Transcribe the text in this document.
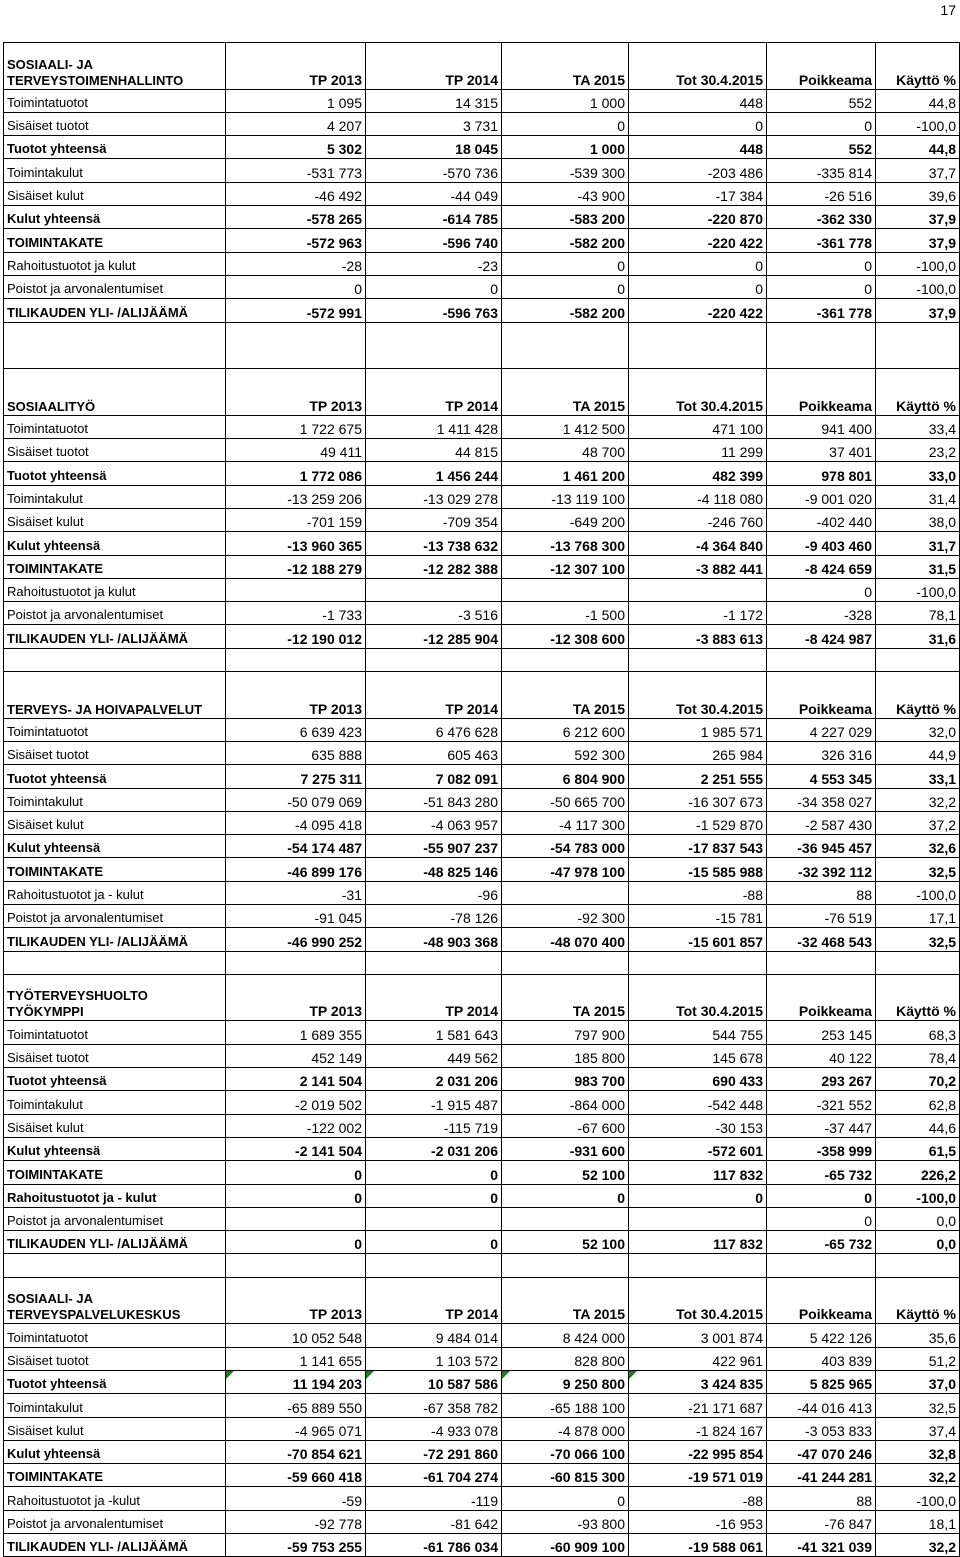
17
SOSIAALI- JA TERVEYSTOIMENHALLINTO	TP 2013	TP 2014	TA 2015	Tot 30.4.2015	Poikkeama	Käyttö %
Toimintatuotot	1 095	14 315	1 000	448	552	44,8
Sisäiset tuotot	4 207	3 731	0	0	0	-100,0
Tuotot yhteensä	5 302	18 045	1 000	448	552	44,8
Toimintakulut	-531 773	-570 736	-539 300	-203 486	-335 814	37,7
Sisäiset kulut	-46 492	-44 049	-43 900	-17 384	-26 516	39,6
Kulut yhteensä	-578 265	-614 785	-583 200	-220 870	-362 330	37,9
TOIMINTAKATE	-572 963	-596 740	-582 200	-220 422	-361 778	37,9
Rahoitustuotot ja kulut	-28	-23	0	0	0	-100,0
Poistot ja arvonalentumiset	0	0	0	0	0	-100,0
TILIKAUDEN YLI- /ALIJÄÄMÄ	-572 991	-596 763	-582 200	-220 422	-361 778	37,9

SOSIAALITYÖ	TP 2013	TP 2014	TA 2015	Tot 30.4.2015	Poikkeama	Käyttö %
Toimintatuotot	1 722 675	1 411 428	1 412 500	471 100	941 400	33,4
Sisäiset tuotot	49 411	44 815	48 700	11 299	37 401	23,2
Tuotot yhteensä	1 772 086	1 456 244	1 461 200	482 399	978 801	33,0
Toimintakulut	-13 259 206	-13 029 278	-13 119 100	-4 118 080	-9 001 020	31,4
Sisäiset kulut	-701 159	-709 354	-649 200	-246 760	-402 440	38,0
Kulut yhteensä	-13 960 365	-13 738 632	-13 768 300	-4 364 840	-9 403 460	31,7
TOIMINTAKATE	-12 188 279	-12 282 388	-12 307 100	-3 882 441	-8 424 659	31,5
Rahoitustuotot ja kulut					0	-100,0
Poistot ja arvonalentumiset	-1 733	-3 516	-1 500	-1 172	-328	78,1
TILIKAUDEN YLI- /ALIJÄÄMÄ	-12 190 012	-12 285 904	-12 308 600	-3 883 613	-8 424 987	31,6

TERVEYS- JA HOIVAPALVELUT	TP 2013	TP 2014	TA 2015	Tot 30.4.2015	Poikkeama	Käyttö %
Toimintatuotot	6 639 423	6 476 628	6 212 600	1 985 571	4 227 029	32,0
Sisäiset tuotot	635 888	605 463	592 300	265 984	326 316	44,9
Tuotot yhteensä	7 275 311	7 082 091	6 804 900	2 251 555	4 553 345	33,1
Toimintakulut	-50 079 069	-51 843 280	-50 665 700	-16 307 673	-34 358 027	32,2
Sisäiset kulut	-4 095 418	-4 063 957	-4 117 300	-1 529 870	-2 587 430	37,2
Kulut yhteensä	-54 174 487	-55 907 237	-54 783 000	-17 837 543	-36 945 457	32,6
TOIMINTAKATE	-46 899 176	-48 825 146	-47 978 100	-15 585 988	-32 392 112	32,5
Rahoitustuotot ja - kulut	-31	-96		-88	88	-100,0
Poistot ja arvonalentumiset	-91 045	-78 126	-92 300	-15 781	-76 519	17,1
TILIKAUDEN YLI- /ALIJÄÄMÄ	-46 990 252	-48 903 368	-48 070 400	-15 601 857	-32 468 543	32,5

TYÖTERVEYSHUOLTO TYÖKYMPPI	TP 2013	TP 2014	TA 2015	Tot 30.4.2015	Poikkeama	Käyttö %
Toimintatuotot	1 689 355	1 581 643	797 900	544 755	253 145	68,3
Sisäiset tuotot	452 149	449 562	185 800	145 678	40 122	78,4
Tuotot yhteensä	2 141 504	2 031 206	983 700	690 433	293 267	70,2
Toimintakulut	-2 019 502	-1 915 487	-864 000	-542 448	-321 552	62,8
Sisäiset kulut	-122 002	-115 719	-67 600	-30 153	-37 447	44,6
Kulut yhteensä	-2 141 504	-2 031 206	-931 600	-572 601	-358 999	61,5
TOIMINTAKATE	0	0	52 100	117 832	-65 732	226,2
Rahoitustuotot ja - kulut	0	0	0	0	0	-100,0
Poistot ja arvonalentumiset					0	0,0
TILIKAUDEN YLI- /ALIJÄÄMÄ	0	0	52 100	117 832	-65 732	0,0

SOSIAALI- JA TERVEYSPALVELUKESKUS	TP 2013	TP 2014	TA 2015	Tot 30.4.2015	Poikkeama	Käyttö %
Toimintatuotot	10 052 548	9 484 014	8 424 000	3 001 874	5 422 126	35,6
Sisäiset tuotot	1 141 655	1 103 572	828 800	422 961	403 839	51,2
Tuotot yhteensä	11 194 203	10 587 586	9 250 800	3 424 835	5 825 965	37,0
Toimintakulut	-65 889 550	-67 358 782	-65 188 100	-21 171 687	-44 016 413	32,5
Sisäiset kulut	-4 965 071	-4 933 078	-4 878 000	-1 824 167	-3 053 833	37,4
Kulut yhteensä	-70 854 621	-72 291 860	-70 066 100	-22 995 854	-47 070 246	32,8
TOIMINTAKATE	-59 660 418	-61 704 274	-60 815 300	-19 571 019	-41 244 281	32,2
Rahoitustuotot ja -kulut	-59	-119	0	-88	88	-100,0
Poistot ja arvonalentumiset	-92 778	-81 642	-93 800	-16 953	-76 847	18,1
TILIKAUDEN YLI- /ALIJÄÄMÄ	-59 753 255	-61 786 034	-60 909 100	-19 588 061	-41 321 039	32,2
